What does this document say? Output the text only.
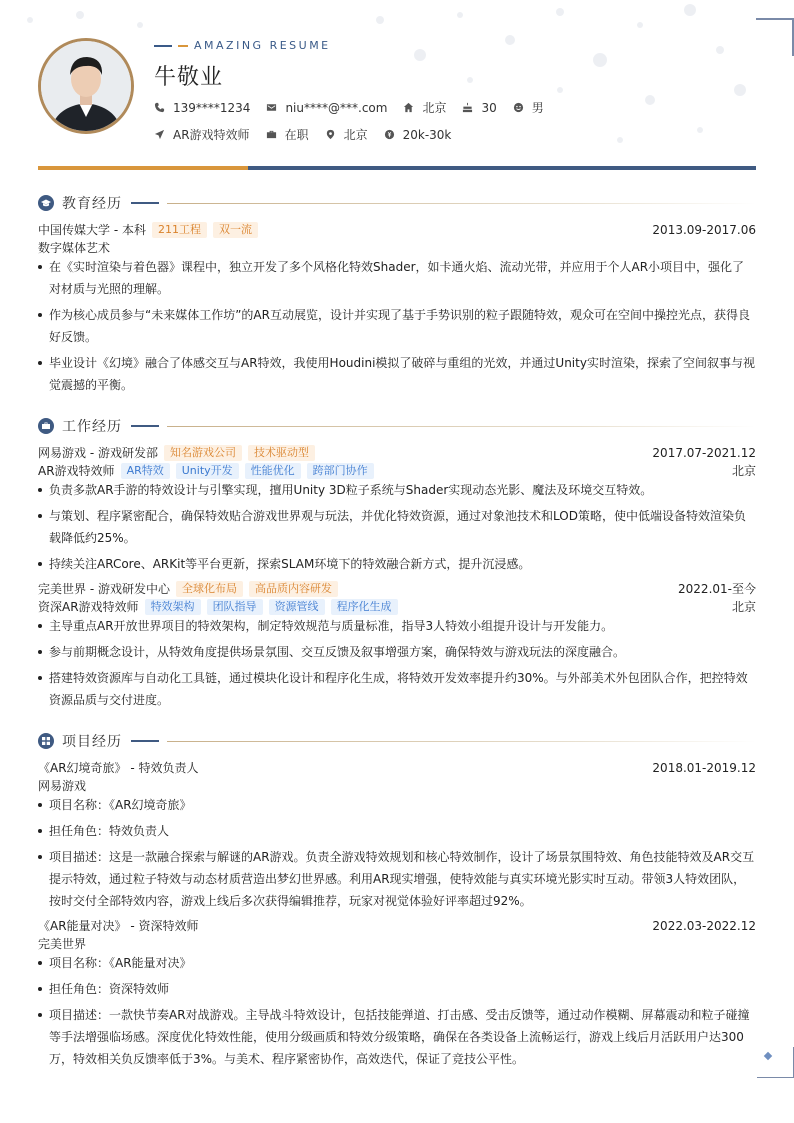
AMAZING RESUME
牛敬业
139****1234	niu****@***.com	北京	30	男
AR游戏特效师	在职	北京	20k-30k
教育经历
中国传媒大学 - 本科	211工程	双一流	2013.09-2017.06
数字媒体艺术
在《实时渲染与着色器》课程中，独立开发了多个风格化特效Shader，如卡通火焰、流动光带，并应用于个人AR小项目中，强化了对材质与光照的理解。
作为核心成员参与“未来媒体工作坊”的AR互动展览，设计并实现了基于手势识别的粒子跟随特效，观众可在空间中操控光点，获得良好反馈。
毕业设计《幻境》融合了体感交互与AR特效，我使用Houdini模拟了破碎与重组的光效，并通过Unity实时渲染，探索了空间叙事与视觉震撼的平衡。
工作经历
网易游戏 - 游戏研发部	知名游戏公司	技术驱动型	2017.07-2021.12
AR游戏特效师	AR特效	Unity开发	性能优化	跨部门协作	北京
负责多款AR手游的特效设计与引擎实现，擅用Unity 3D粒子系统与Shader实现动态光影、魔法及环境交互特效。
与策划、程序紧密配合，确保特效贴合游戏世界观与玩法，并优化特效资源，通过对象池技术和LOD策略，使中低端设备特效渲染负载降低约25%。
持续关注ARCore、ARKit等平台更新，探索SLAM环境下的特效融合新方式，提升沉浸感。
完美世界 - 游戏研发中心	全球化布局	高品质内容研发	2022.01-至今
资深AR游戏特效师	特效架构	团队指导	资源管线	程序化生成	北京
主导重点AR开放世界项目的特效架构，制定特效规范与质量标准，指导3人特效小组提升设计与开发能力。
参与前期概念设计，从特效角度提供场景氛围、交互反馈及叙事增强方案，确保特效与游戏玩法的深度融合。
搭建特效资源库与自动化工具链，通过模块化设计和程序化生成，将特效开发效率提升约30%。与外部美术外包团队合作，把控特效资源品质与交付进度。
项目经历
《AR幻境奇旅》 - 特效负责人	2018.01-2019.12
网易游戏
项目名称：《AR幻境奇旅》
担任角色：特效负责人
项目描述：这是一款融合探索与解谜的AR游戏。负责全游戏特效规划和核心特效制作，设计了场景氛围特效、角色技能特效及AR交互提示特效，通过粒子特效与动态材质营造出梦幻世界感。利用AR现实增强，使特效能与真实环境光影实时互动。带领3人特效团队，按时交付全部特效内容，游戏上线后多次获得编辑推荐，玩家对视觉体验好评率超过92%。
《AR能量对决》 - 资深特效师	2022.03-2022.12
完美世界
项目名称：《AR能量对决》
担任角色：资深特效师
项目描述：一款快节奏AR对战游戏。主导战斗特效设计，包括技能弹道、打击感、受击反馈等，通过动作模糊、屏幕震动和粒子碰撞等手法增强临场感。深度优化特效性能，使用分级画质和特效分级策略，确保在各类设备上流畅运行，游戏上线后月活跃用户达300万，特效相关负反馈率低于3%。与美术、程序紧密协作，高效迭代，保证了竞技公平性。
